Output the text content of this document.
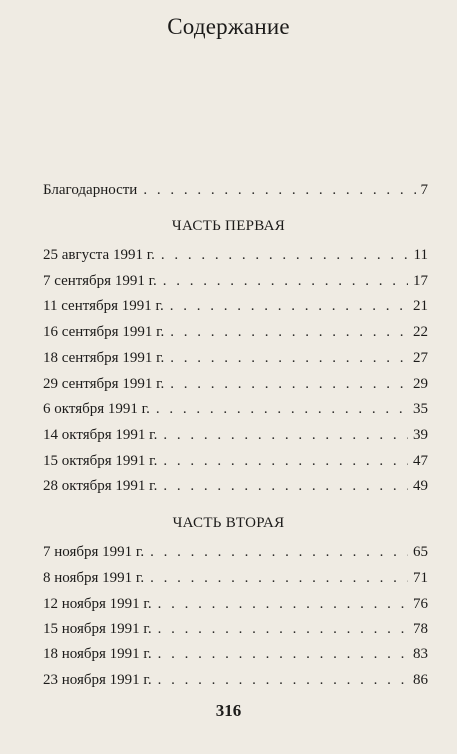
Содержание
Благодарности . . .	7
ЧАСТЬ ПЕРВАЯ
25 августа 1991 г. . . .	11
7 сентября 1991 г. . . .	17
11 сентября 1991 г. . . .	21
16 сентября 1991 г. . . .	22
18 сентября 1991 г. . . .	27
29 сентября 1991 г. . . .	29
6 октября 1991 г. . . .	35
14 октября 1991 г. . . .	39
15 октября 1991 г. . . .	47
28 октября 1991 г. . . .	49
ЧАСТЬ ВТОРАЯ
7 ноября 1991 г. . . .	65
8 ноября 1991 г. . . .	71
12 ноября 1991 г. . . .	76
15 ноября 1991 г. . . .	78
18 ноября 1991 г. . . .	83
23 ноября 1991 г. . . .	86
316
